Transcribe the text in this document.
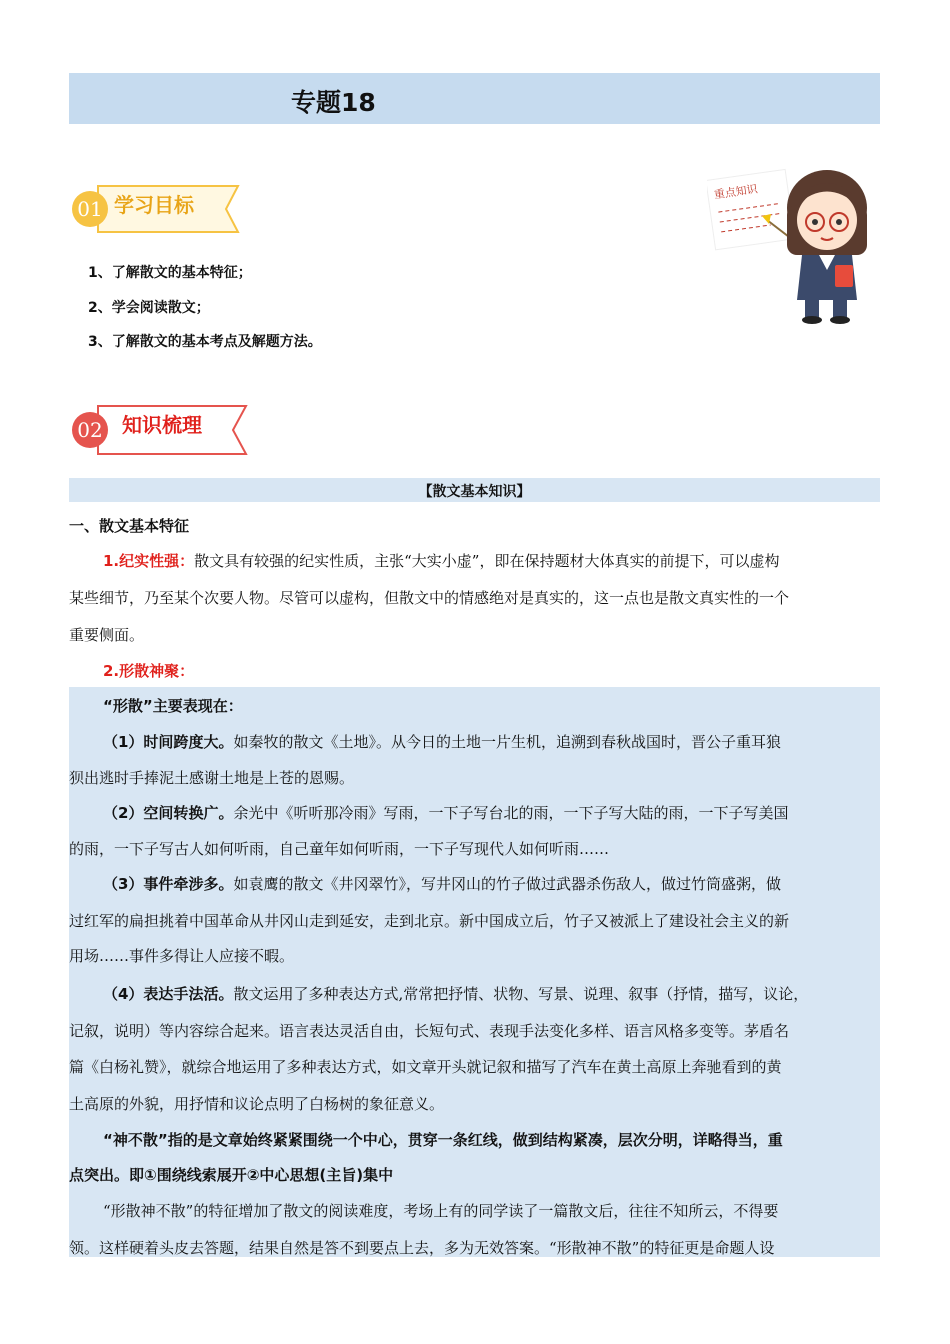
专题18
01 学习目标
1、了解散文的基本特征；
2、学会阅读散文；
3、了解散文的基本考点及解题方法。
重点知识
02 知识梳理
【散文基本知识】
一、散文基本特征
1.纪实性强：散文具有较强的纪实性质，主张“大实小虚”，即在保持题材大体真实的前提下，可以虚构
某些细节，乃至某个次要人物。尽管可以虚构，但散文中的情感绝对是真实的，这一点也是散文真实性的一个
重要侧面。
2.形散神聚：
“形散”主要表现在：
（1）时间跨度大。如秦牧的散文《土地》。从今日的土地一片生机，追溯到春秋战国时，晋公子重耳狼
狈出逃时手捧泥土感谢土地是上苍的恩赐。
（2）空间转换广。余光中《听听那冷雨》写雨，一下子写台北的雨，一下子写大陆的雨，一下子写美国
的雨，一下子写古人如何听雨，自己童年如何听雨，一下子写现代人如何听雨……
（3）事件牵涉多。如袁鹰的散文《井冈翠竹》，写井冈山的竹子做过武器杀伤敌人，做过竹筒盛粥，做
过红军的扁担挑着中国革命从井冈山走到延安，走到北京。新中国成立后，竹子又被派上了建设社会主义的新
用场……事件多得让人应接不暇。
（4）表达手法活。散文运用了多种表达方式,常常把抒情、状物、写景、说理、叙事（抒情，描写，议论，
记叙，说明）等内容综合起来。语言表达灵活自由，长短句式、表现手法变化多样、语言风格多变等。茅盾名
篇《白杨礼赞》，就综合地运用了多种表达方式，如文章开头就记叙和描写了汽车在黄土高原上奔驰看到的黄
土高原的外貌，用抒情和议论点明了白杨树的象征意义。
“神不散”指的是文章始终紧紧围绕一个中心，贯穿一条红线，做到结构紧凑，层次分明，详略得当，重
点突出。即①围绕线索展开②中心思想(主旨)集中
“形散神不散”的特征增加了散文的阅读难度，考场上有的同学读了一篇散文后，往往不知所云，不得要
领。这样硬着头皮去答题，结果自然是答不到要点上去，多为无效答案。“形散神不散”的特征更是命题人设
